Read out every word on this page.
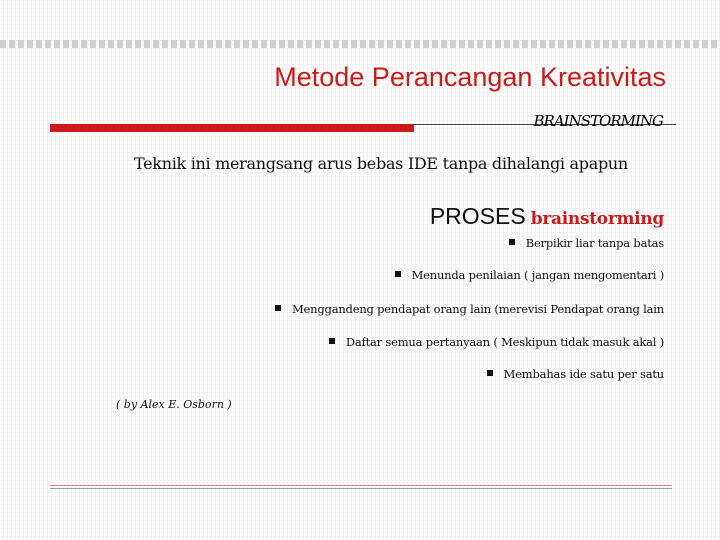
Metode Perancangan Kreativitas
BRAINSTORMING
Teknik ini merangsang arus bebas IDE tanpa dihalangi apapun
PROSES brainstorming
Berpikir liar tanpa batas
Menunda penilaian ( jangan mengomentari )
Menggandeng pendapat orang lain (merevisi Pendapat orang lain
Daftar semua pertanyaan ( Meskipun tidak masuk akal )
Membahas ide satu per satu
( by Alex E. Osborn )
